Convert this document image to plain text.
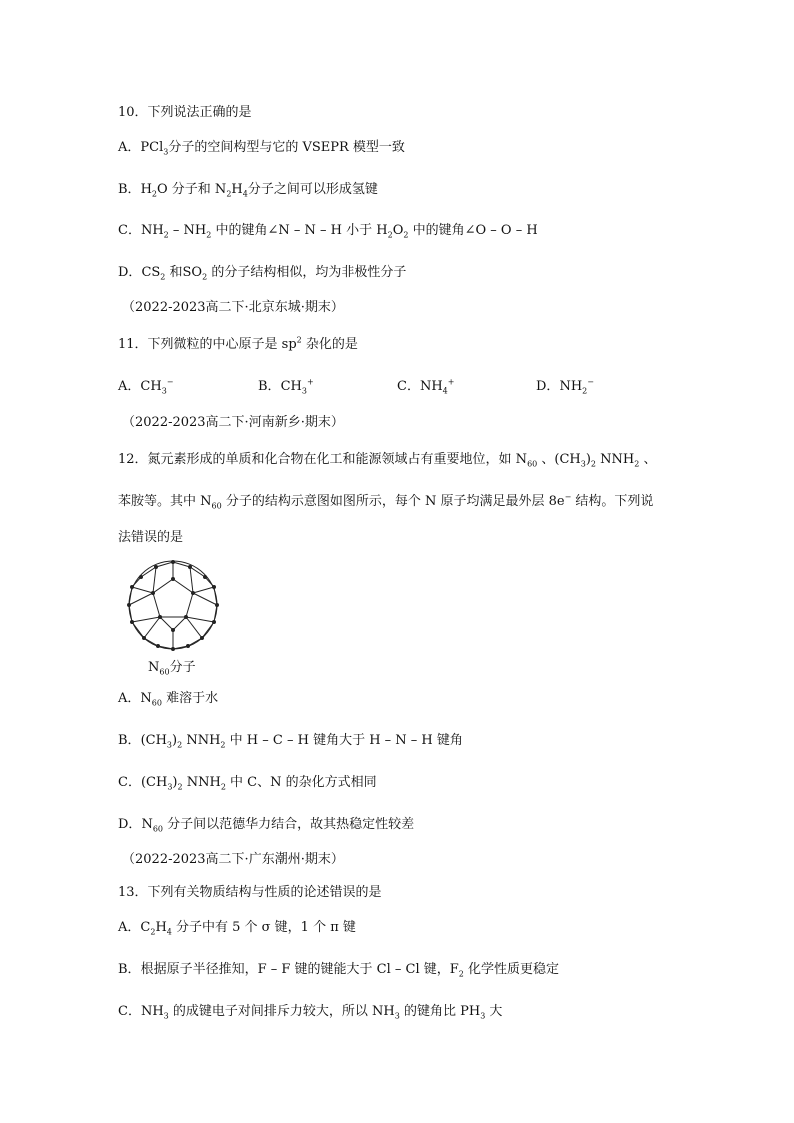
10．下列说法正确的是
A．PCl$_3$分子的空间构型与它的 VSEPR 模型一致
B．$H_2O$ 分子和 $N_2H_4$分子之间可以形成氢键
C．$NH_2 - NH_2$ 中的键角∠N – N – H 小于 $H_2O_2$ 中的键角∠O – O – H
D．$CS_2$ 和$SO_2$ 的分子结构相似，均为非极性分子
（2022-2023高二下·北京东城·期末）
11．下列微粒的中心原子是 $sp^2$ 杂化的是
A．$CH_3^-$	B．$CH_3^+$	C．$NH_4^+$	D．$NH_2^-$
（2022-2023高二下·河南新乡·期末）
12．氮元素形成的单质和化合物在化工和能源领域占有重要地位，如 $N_{60}$ 、$(CH_3)_2$ $NNH_2$ 、
苯胺等。其中 $N_{60}$ 分子的结构示意图如图所示，每个 N 原子均满足最外层 8e− 结构。下列说
法错误的是
$N_{60}$分子
A．$N_{60}$ 难溶于水
B．$(CH_3)_2$ $NNH_2$ 中 H – C – H 键角大于 H – N – H 键角
C．$(CH_3)_2$ $NNH_2$ 中 C、N 的杂化方式相同
D．$N_{60}$ 分子间以范德华力结合，故其热稳定性较差
（2022-2023高二下·广东潮州·期末）
13．下列有关物质结构与性质的论述错误的是
A．$C_2H_4$ 分子中有 5 个 σ 键，1 个 π 键
B．根据原子半径推知，F – F 键的键能大于 Cl – Cl 键，$F_2$ 化学性质更稳定
C．$NH_3$ 的成键电子对间排斥力较大，所以 $NH_3$ 的键角比 $PH_3$ 大
